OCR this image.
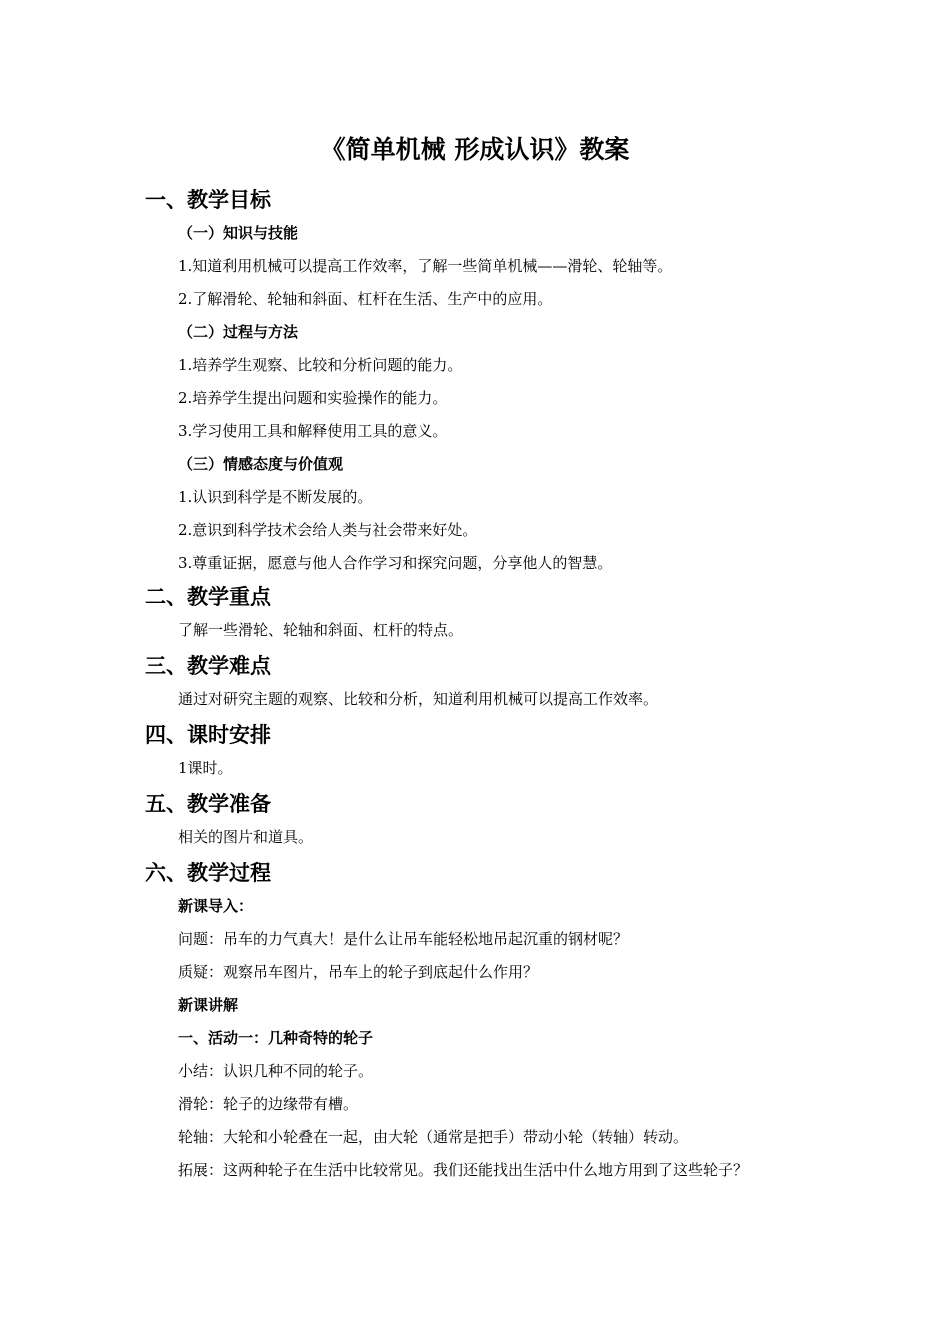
《简单机械 形成认识》教案
一、教学目标
（一）知识与技能
1.知道利用机械可以提高工作效率，了解一些简单机械——滑轮、轮轴等。
2.了解滑轮、轮轴和斜面、杠杆在生活、生产中的应用。
（二）过程与方法
1.培养学生观察、比较和分析问题的能力。
2.培养学生提出问题和实验操作的能力。
3.学习使用工具和解释使用工具的意义。
（三）情感态度与价值观
1.认识到科学是不断发展的。
2.意识到科学技术会给人类与社会带来好处。
3.尊重证据，愿意与他人合作学习和探究问题，分享他人的智慧。
二、教学重点
了解一些滑轮、轮轴和斜面、杠杆的特点。
三、教学难点
通过对研究主题的观察、比较和分析，知道利用机械可以提高工作效率。
四、课时安排
1课时。
五、教学准备
相关的图片和道具。
六、教学过程
新课导入：
问题：吊车的力气真大！是什么让吊车能轻松地吊起沉重的钢材呢？
质疑：观察吊车图片，吊车上的轮子到底起什么作用？
新课讲解
一、活动一：几种奇特的轮子
小结：认识几种不同的轮子。
滑轮：轮子的边缘带有槽。
轮轴：大轮和小轮叠在一起，由大轮（通常是把手）带动小轮（转轴）转动。
拓展：这两种轮子在生活中比较常见。我们还能找出生活中什么地方用到了这些轮子？
